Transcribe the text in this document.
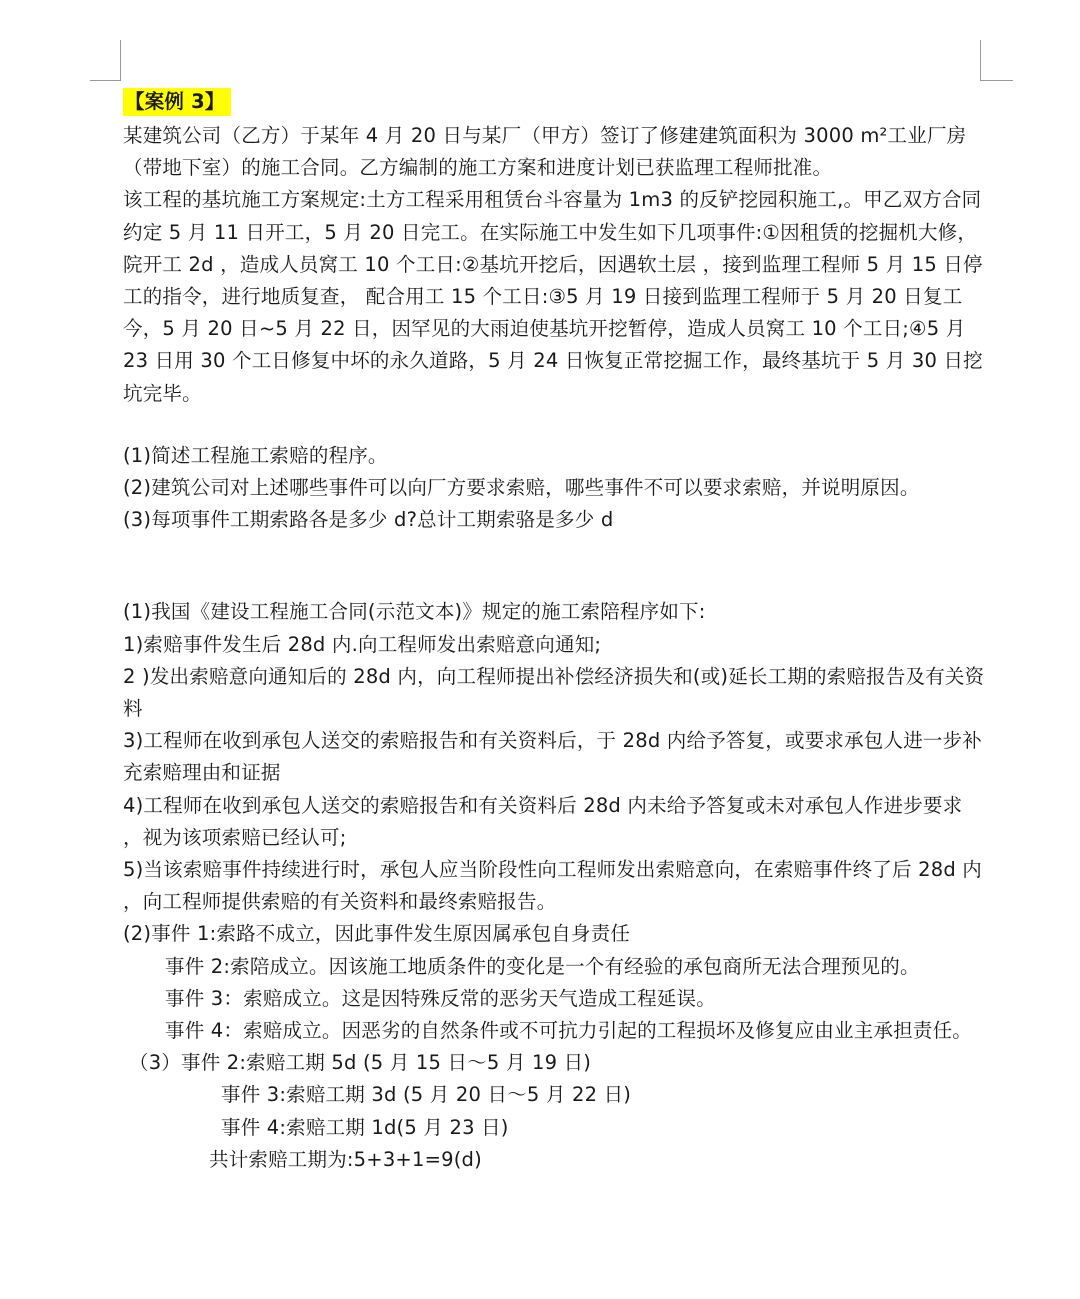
【案例 3】

某建筑公司（乙方）于某年 4 月 20 日与某厂（甲方）签订了修建建筑面积为 3000 m²工业厂房（带地下室）的施工合同。乙方编制的施工方案和进度计划已获监理工程师批准。

该工程的基坑施工方案规定:土方工程采用租赁台斗容量为 1m3 的反铲挖园积施工,。甲乙双方合同约定 5 月 11 日开工，5 月 20 日完工。在实际施工中发生如下几项事件:①因租赁的挖掘机大修，院开工 2d ，造成人员窝工 10 个工日:②基坑开挖后，因遇软土层 ，接到监理工程师 5 月 15 日停工的指令，进行地质复查， 配合用工 15 个工日:③5 月 19 日接到监理工程师于 5 月 20 日复工今，5 月 20 日~5 月 22 日，因罕见的大雨迫使基坑开挖暂停，造成人员窝工 10 个工日;④5 月 23 日用 30 个工日修复中坏的永久道路，5 月 24 日恢复正常挖掘工作，最终基坑于 5 月 30 日挖坑完毕。

(1)简述工程施工索赔的程序。

(2)建筑公司对上述哪些事件可以向厂方要求索赔，哪些事件不可以要求索赔，并说明原因。

(3)每项事件工期索路各是多少 d?总计工期索骆是多少 d

(1)我国《建设工程施工合同(示范文本)》规定的施工索陪程序如下:

1)索赔事件发生后 28d 内.向工程师发出索赔意向通知;

2 )发出索赔意向通知后的 28d 内，向工程师提出补偿经济损失和(或)延长工期的索赔报告及有关资料

3)工程师在收到承包人送交的索赔报告和有关资料后，于 28d 内给予答复，或要求承包人进一步补充索赔理由和证据

4)工程师在收到承包人送交的索赔报告和有关资料后 28d 内未给予答复或未对承包人作进步要求 ，视为该项索赔已经认可;

5)当该索赔事件持续进行时，承包人应当阶段性向工程师发出索赔意向，在索赔事件终了后 28d 内 ，向工程师提供索赔的有关资料和最终索赔报告。

(2)事件 1:索路不成立，因此事件发生原因属承包自身责任

事件 2:索陪成立。因该施工地质条件的变化是一个有经验的承包商所无法合理预见的。

事件 3：索赔成立。这是因特殊反常的恶劣天气造成工程延误。

事件 4：索赔成立。因恶劣的自然条件或不可抗力引起的工程损坏及修复应由业主承担责任。

（3）事件 2:索赔工期 5d (5 月 15 日～5 月 19 日)

事件 3:索赔工期 3d (5 月 20 日～5 月 22 日)

事件 4:索赔工期 1d(5 月 23 日)

共计索赔工期为:5+3+1=9(d)
